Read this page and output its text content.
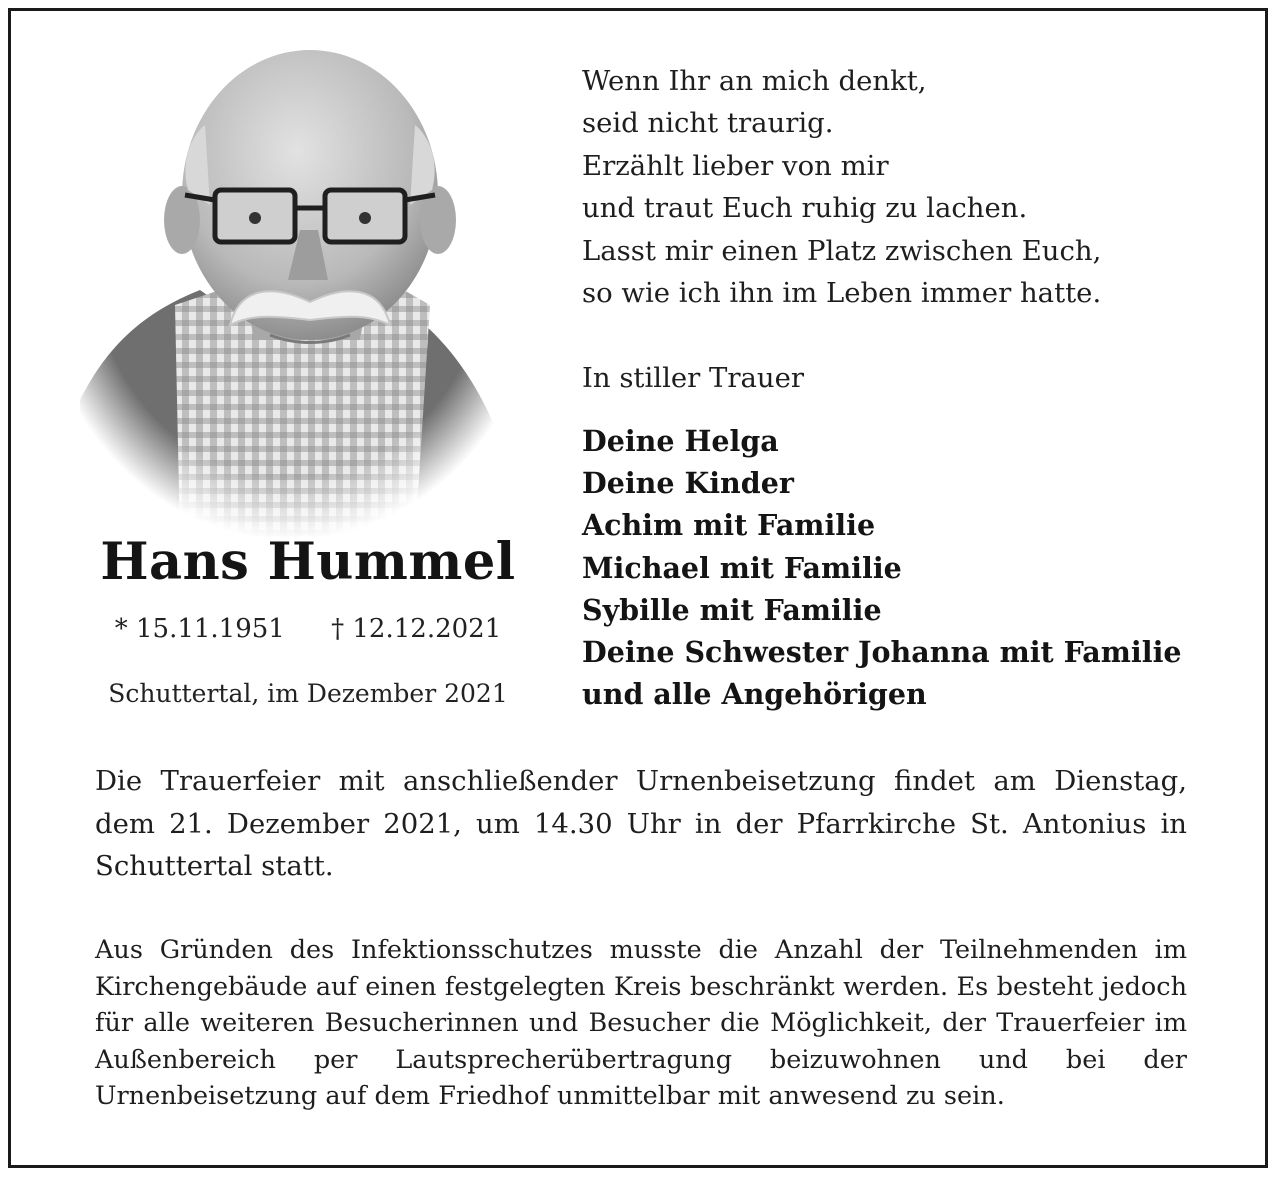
Hans Hummel
* 15.11.1951 † 12.12.2021
Schuttertal, im Dezember 2021
Wenn Ihr an mich denkt,
seid nicht traurig.
Erzählt lieber von mir
und traut Euch ruhig zu lachen.
Lasst mir einen Platz zwischen Euch,
so wie ich ihn im Leben immer hatte.
In stiller Trauer
Deine Helga
Deine Kinder
Achim mit Familie
Michael mit Familie
Sybille mit Familie
Deine Schwester Johanna mit Familie
und alle Angehörigen
Die Trauerfeier mit anschließender Urnenbeisetzung findet am Dienstag, dem 21. Dezember 2021, um 14.30 Uhr in der Pfarrkirche St. Antonius in Schuttertal statt.
Aus Gründen des Infektionsschutzes musste die Anzahl der Teilnehmenden im Kirchengebäude auf einen festgelegten Kreis beschränkt werden. Es besteht jedoch für alle weiteren Besucherinnen und Besucher die Möglichkeit, der Trauerfeier im Außenbereich per Lautsprecherübertragung beizuwohnen und bei der Urnenbeisetzung auf dem Friedhof unmittelbar mit anwesend zu sein.
